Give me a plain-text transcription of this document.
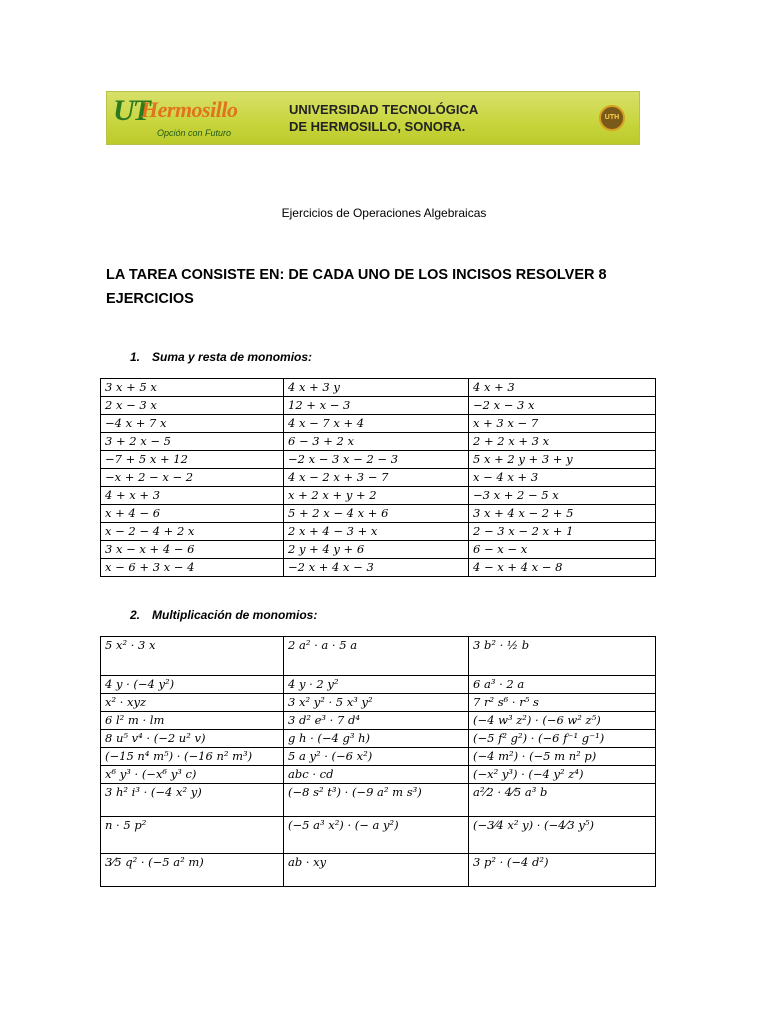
UT
Hermosillo
Opción con Futuro
UNIVERSIDAD TECNOLÓGICA
DE HERMOSILLO, SONORA.
UTH
Ejercicios de Operaciones Algebraicas
LA TAREA CONSISTE EN: DE CADA UNO DE LOS INCISOS RESOLVER 8 EJERCICIOS
1. Suma y resta de monomios:
3 x + 5 x	4 x + 3 y	4 x + 3
2 x − 3 x	12 + x − 3	−2 x − 3 x
−4 x + 7 x	4 x − 7 x + 4	x + 3 x − 7
3 + 2 x − 5	6 − 3 + 2 x	2 + 2 x + 3 x
−7 + 5 x + 12	−2 x − 3 x − 2 − 3	5 x + 2 y + 3 + y
−x + 2 − x − 2	4 x − 2 x + 3 − 7	x − 4 x + 3
4 + x + 3	x + 2 x + y + 2	−3 x + 2 − 5 x
x + 4 − 6	5 + 2 x − 4 x + 6	3 x + 4 x − 2 + 5
x − 2 − 4 + 2 x	2 x + 4 − 3 + x	2 − 3 x − 2 x + 1
3 x − x + 4 − 6	2 y + 4 y + 6	6 − x − x
x − 6 + 3 x − 4	−2 x + 4 x − 3	4 − x + 4 x − 8
2. Multiplicación de monomios:
5 x² · 3 x	2 a² · a · 5 a	3 b² · ½ b
4 y · (−4 y²)	4 y · 2 y²	6 a³ · 2 a
x² · xyz	3 x² y² · 5 x³ y²	7 r² s⁶ · r⁵ s
6 l² m · lm	3 d² e³ · 7 d⁴	(−4 w³ z²) · (−6 w² z⁵)
8 u⁵ v⁴ · (−2 u² v)	g h · (−4 g³ h)	(−5 f² g²) · (−6 f⁻¹ g⁻¹)
(−15 n⁴ m⁵) · (−16 n² m³)	5 a y² · (−6 x²)	(−4 m²) · (−5 m n² p)
x⁶ y³ · (−x⁶ y³ c)	abc · cd	(−x² y³) · (−4 y² z⁴)
3 h² i³ · (−4 x² y)	(−8 s² t³) · (−9 a² m s³)	a²⁄2 · 4⁄5 a³ b
n · 5 p²	(−5 a³ x²) · (− a y²)	(−3⁄4 x² y) · (−4⁄3 y⁵)
3⁄5 q² · (−5 a² m)	ab · xy	3 p² · (−4 d²)
